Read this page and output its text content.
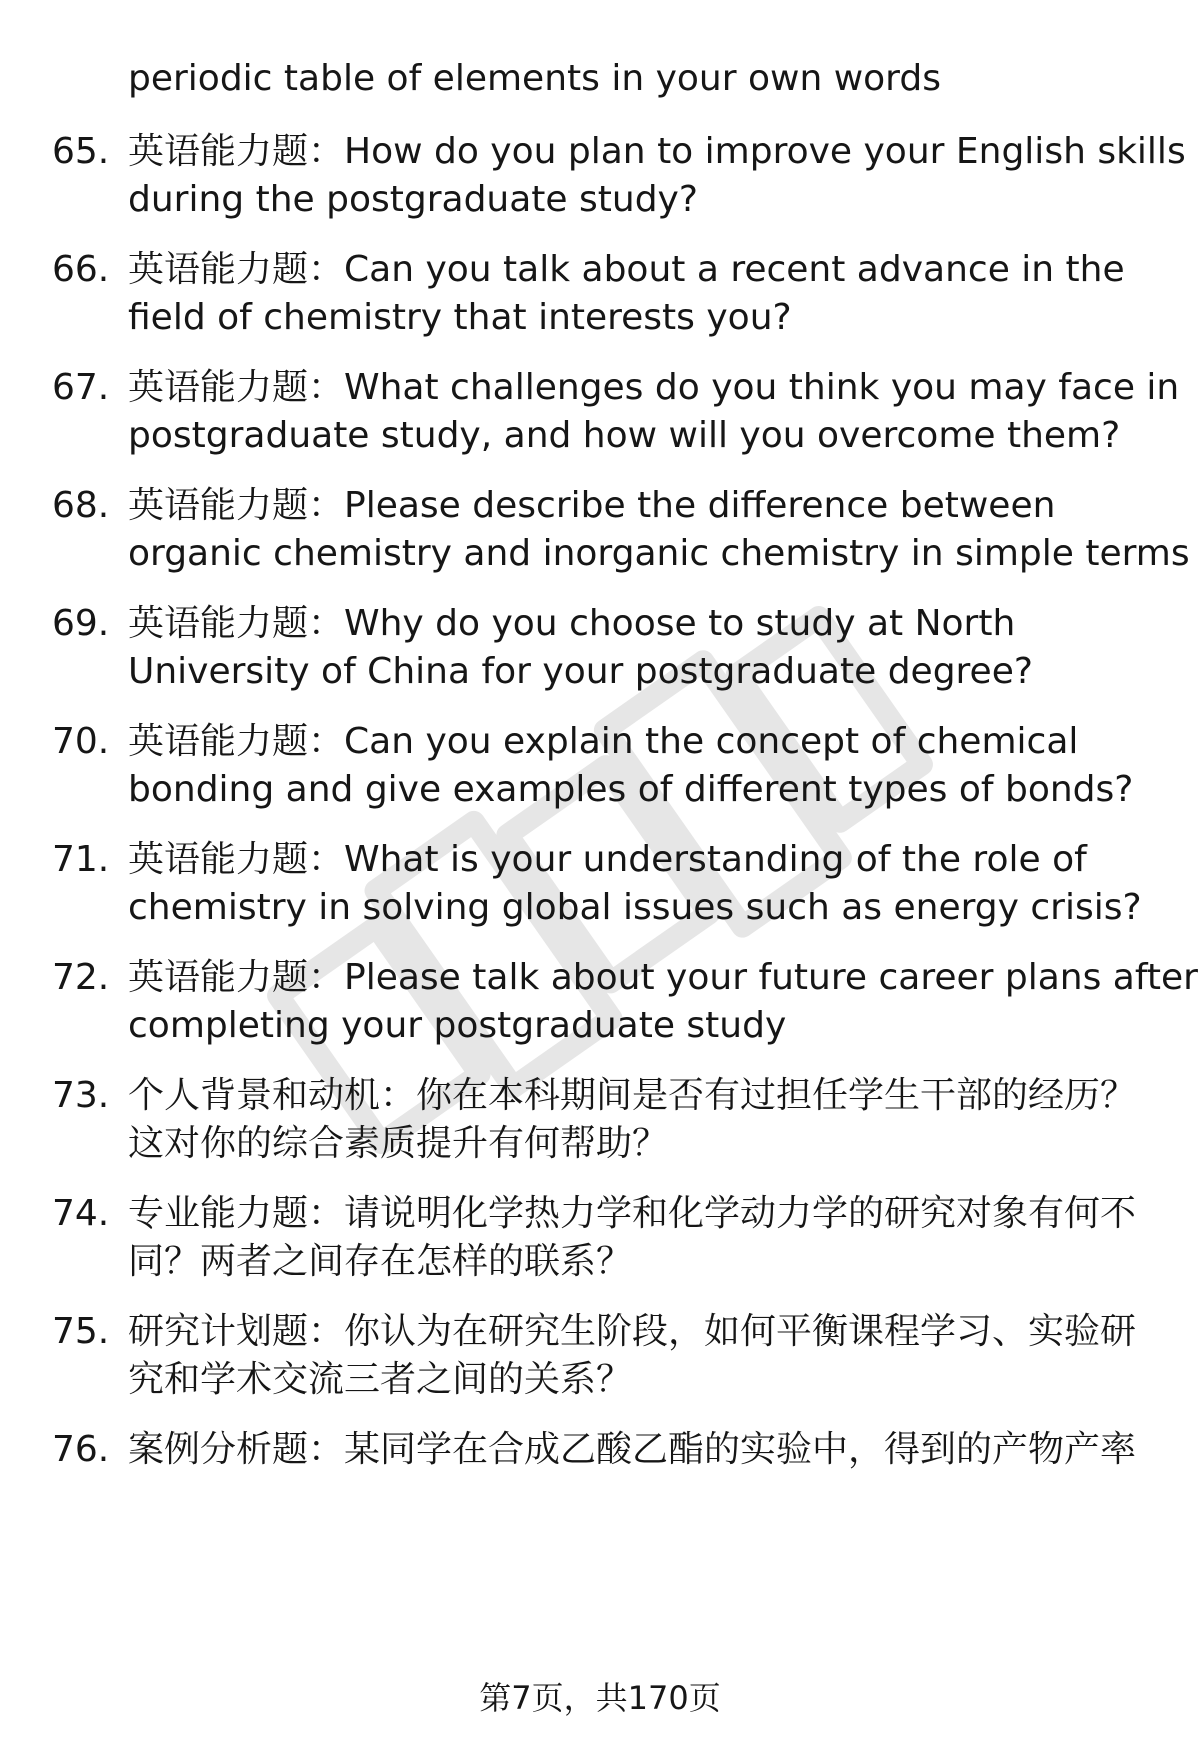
periodic table of elements in your own words
65. 英语能力题：How do you plan to improve your English skills
during the postgraduate study?
66. 英语能力题：Can you talk about a recent advance in the
field of chemistry that interests you?
67. 英语能力题：What challenges do you think you may face in
postgraduate study, and how will you overcome them?
68. 英语能力题：Please describe the difference between
organic chemistry and inorganic chemistry in simple terms
69. 英语能力题：Why do you choose to study at North
University of China for your postgraduate degree?
70. 英语能力题：Can you explain the concept of chemical
bonding and give examples of different types of bonds?
71. 英语能力题：What is your understanding of the role of
chemistry in solving global issues such as energy crisis?
72. 英语能力题：Please talk about your future career plans after
completing your postgraduate study
73. 个人背景和动机：你在本科期间是否有过担任学生干部的经历？
这对你的综合素质提升有何帮助？
74. 专业能力题：请说明化学热力学和化学动力学的研究对象有何不
同？两者之间存在怎样的联系？
75. 研究计划题：你认为在研究生阶段，如何平衡课程学习、实验研
究和学术交流三者之间的关系？
76. 案例分析题：某同学在合成乙酸乙酯的实验中，得到的产物产率
第7页，共170页
